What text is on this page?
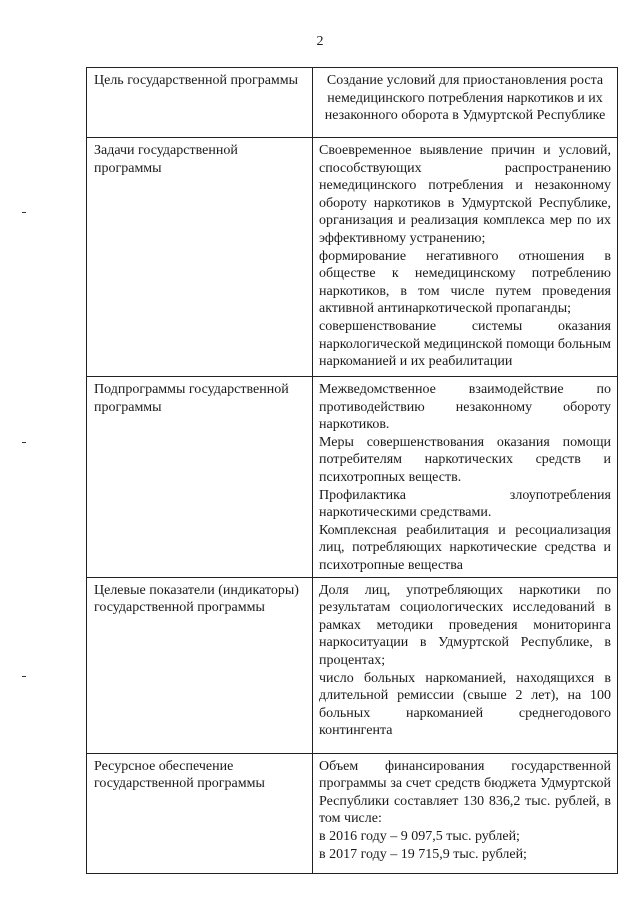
2
Цель государственной программы	Создание условий для приостановления роста немедицинского потребления наркотиков и их незаконного оборота в Удмуртской Республике

Задачи государственной программы	Своевременное выявление причин и условий, способствующих распространению немедицинского потребления и незаконному обороту наркотиков в Удмуртской Республике, организация и реализация комплекса мер по их эффективному устранению;

формирование негативного отношения в обществе к немедицинскому потреблению наркотиков, в том числе путем проведения активной антинаркотической пропаганды;

совершенствование системы оказания наркологической медицинской помощи больным наркоманией и их реабилитации

Подпрограммы государственной программы	Межведомственное взаимодействие по противодействию незаконному обороту наркотиков.

Меры совершенствования оказания помощи потребителям наркотических средств и психотропных веществ.

Профилактика злоупотребления наркотическими средствами.

Комплексная реабилитация и ресоциализация лиц, потребляющих наркотические средства и психотропные вещества

Целевые показатели (индикаторы) государственной программы	Доля лиц, употребляющих наркотики по результатам социологических исследований в рамках методики проведения мониторинга наркоситуации в Удмуртской Республике, в процентах;

число больных наркоманией, находящихся в длительной ремиссии (свыше 2 лет), на 100 больных наркоманией среднегодового контингента

Ресурсное обеспечение государственной программы	Объем финансирования государственной программы за счет средств бюджета Удмуртской Республики составляет 130 836,2 тыс. рублей, в том числе:

в 2016 году – 9 097,5 тыс. рублей;

в 2017 году – 19 715,9 тыс. рублей;
